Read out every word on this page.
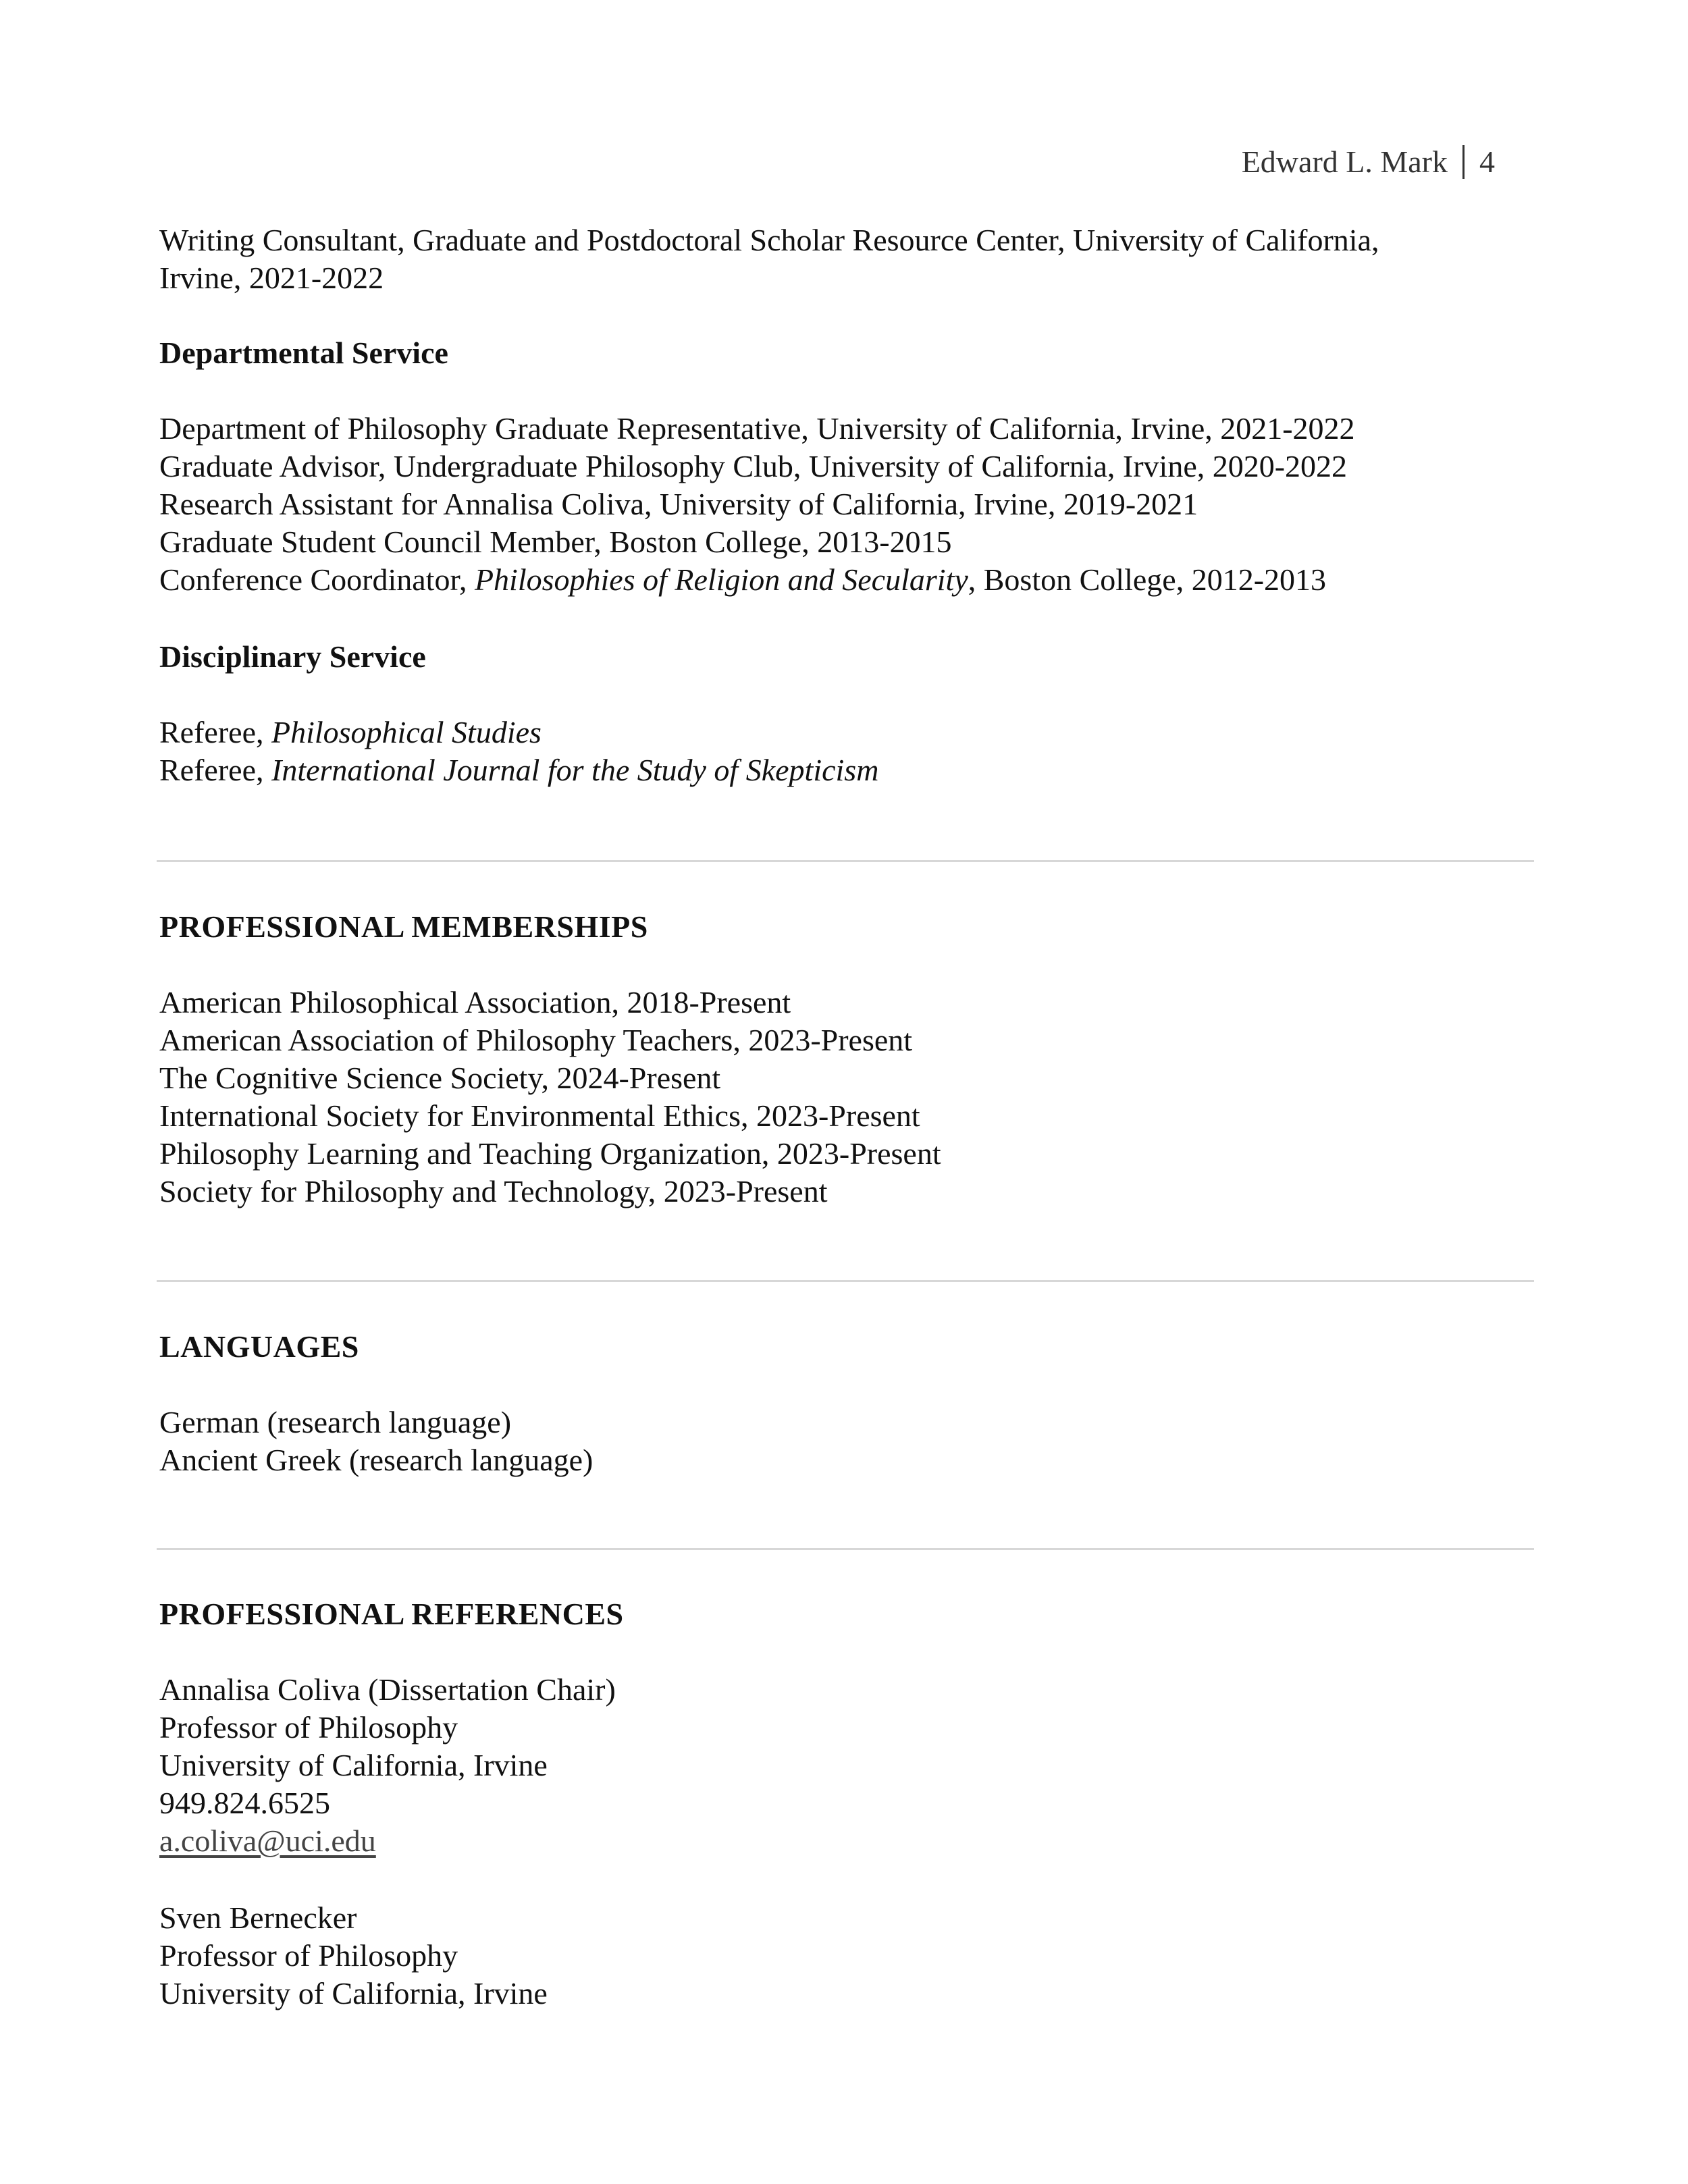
Edward L. Mark 4
Writing Consultant, Graduate and Postdoctoral Scholar Resource Center, University of California,
Irvine, 2021-2022
Departmental Service
Department of Philosophy Graduate Representative, University of California, Irvine, 2021-2022
Graduate Advisor, Undergraduate Philosophy Club, University of California, Irvine, 2020-2022
Research Assistant for Annalisa Coliva, University of California, Irvine, 2019-2021
Graduate Student Council Member, Boston College, 2013-2015
Conference Coordinator, Philosophies of Religion and Secularity, Boston College, 2012-2013
Disciplinary Service
Referee, Philosophical Studies
Referee, International Journal for the Study of Skepticism
PROFESSIONAL MEMBERSHIPS
American Philosophical Association, 2018-Present
American Association of Philosophy Teachers, 2023-Present
The Cognitive Science Society, 2024-Present
International Society for Environmental Ethics, 2023-Present
Philosophy Learning and Teaching Organization, 2023-Present
Society for Philosophy and Technology, 2023-Present
LANGUAGES
German (research language)
Ancient Greek (research language)
PROFESSIONAL REFERENCES
Annalisa Coliva (Dissertation Chair)
Professor of Philosophy
University of California, Irvine
949.824.6525
a.coliva@uci.edu
Sven Bernecker
Professor of Philosophy
University of California, Irvine
